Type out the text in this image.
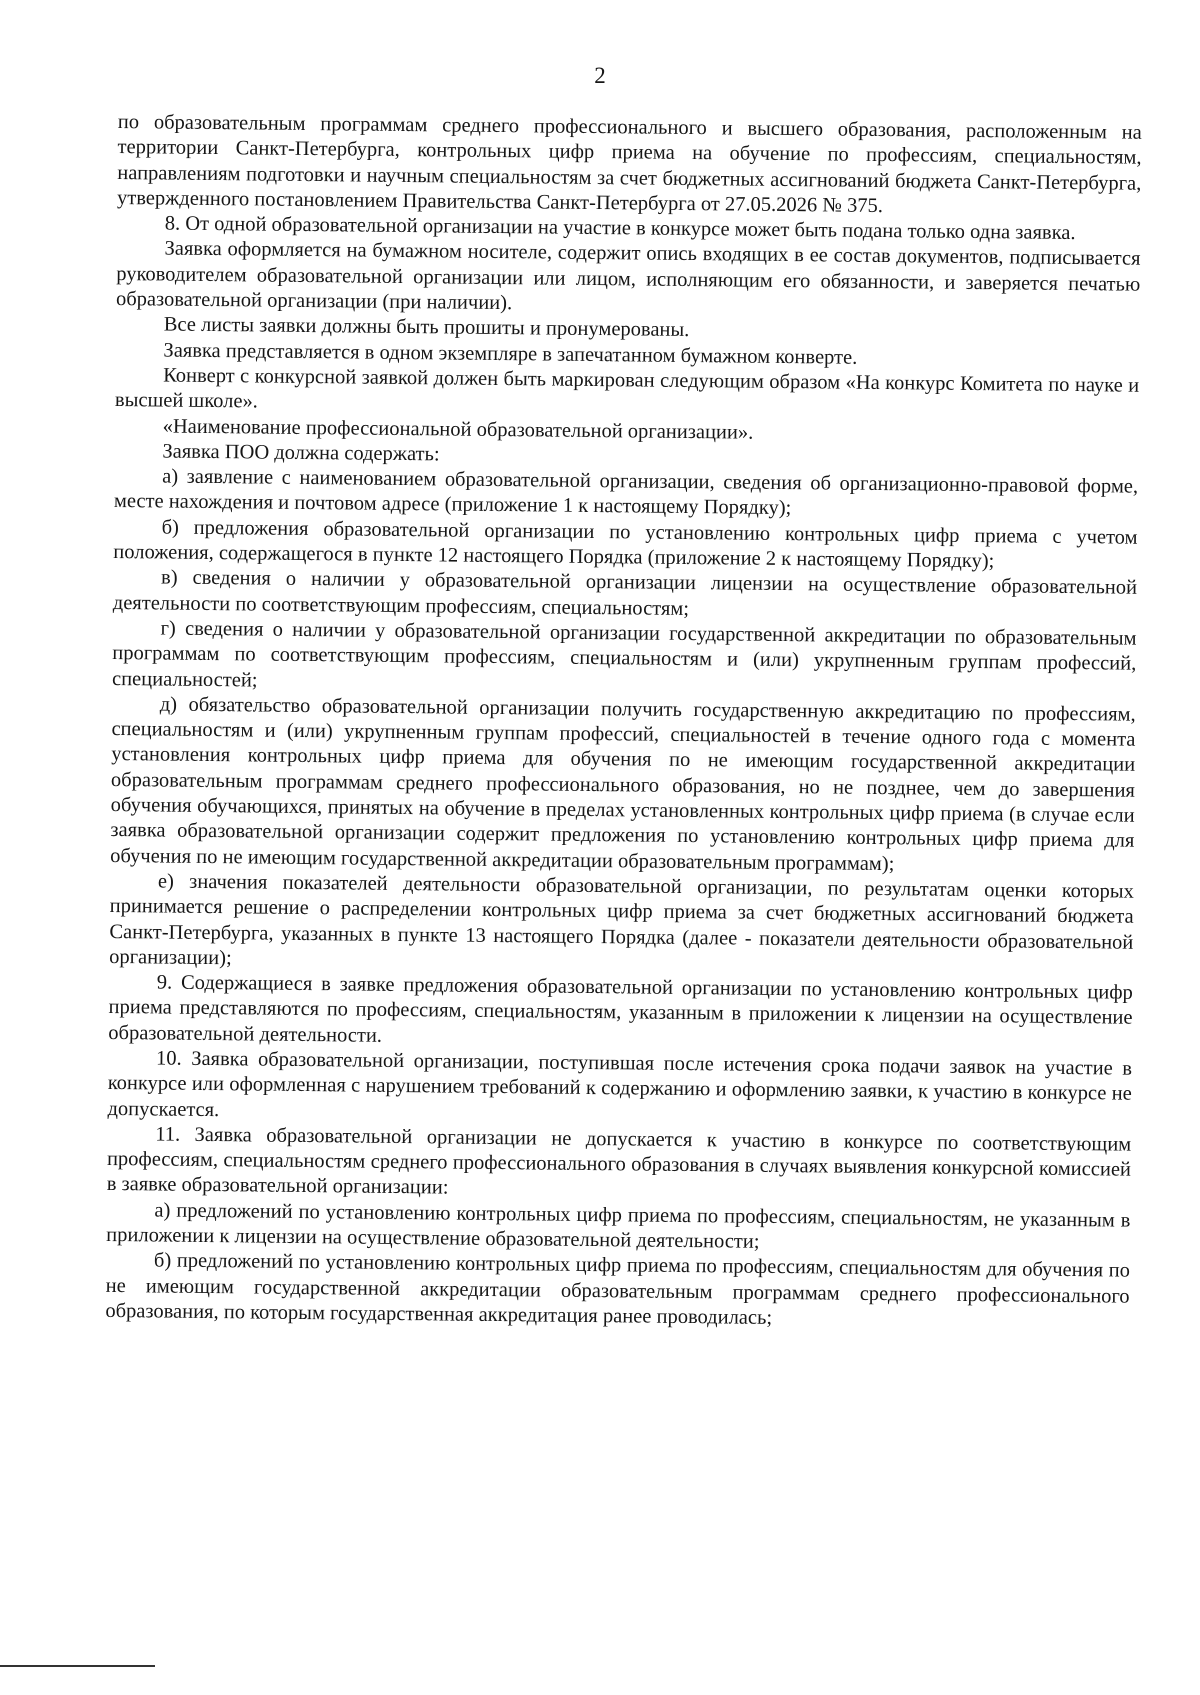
2

по образовательным программам среднего профессионального и высшего образования, расположенным на территории Санкт-Петербурга, контрольных цифр приема на обучение по профессиям, специальностям, направлениям подготовки и научным специальностям за счет бюджетных ассигнований бюджета Санкт-Петербурга, утвержденного постановлением Правительства Санкт-Петербурга от 27.05.2026 № 375.

8. От одной образовательной организации на участие в конкурсе может быть подана только одна заявка.

Заявка оформляется на бумажном носителе, содержит опись входящих в ее состав документов, подписывается руководителем образовательной организации или лицом, исполняющим его обязанности, и заверяется печатью образовательной организации (при наличии).

Все листы заявки должны быть прошиты и пронумерованы.

Заявка представляется в одном экземпляре в запечатанном бумажном конверте.

Конверт с конкурсной заявкой должен быть маркирован следующим образом «На конкурс Комитета по науке и высшей школе».

«Наименование профессиональной образовательной организации».

Заявка ПОО должна содержать:

а) заявление с наименованием образовательной организации, сведения об организационно-правовой форме, месте нахождения и почтовом адресе (приложение 1 к настоящему Порядку);

б) предложения образовательной организации по установлению контрольных цифр приема с учетом положения, содержащегося в пункте 12 настоящего Порядка (приложение 2 к настоящему Порядку);

в) сведения о наличии у образовательной организации лицензии на осуществление образовательной деятельности по соответствующим профессиям, специальностям;

г) сведения о наличии у образовательной организации государственной аккредитации по образовательным программам по соответствующим профессиям, специальностям и (или) укрупненным группам профессий, специальностей;

д) обязательство образовательной организации получить государственную аккредитацию по профессиям, специальностям и (или) укрупненным группам профессий, специальностей в течение одного года с момента установления контрольных цифр приема для обучения по не имеющим государственной аккредитации образовательным программам среднего профессионального образования, но не позднее, чем до завершения обучения обучающихся, принятых на обучение в пределах установленных контрольных цифр приема (в случае если заявка образовательной организации содержит предложения по установлению контрольных цифр приема для обучения по не имеющим государственной аккредитации образовательным программам);

е) значения показателей деятельности образовательной организации, по результатам оценки которых принимается решение о распределении контрольных цифр приема за счет бюджетных ассигнований бюджета Санкт-Петербурга, указанных в пункте 13 настоящего Порядка (далее - показатели деятельности образовательной организации);

9. Содержащиеся в заявке предложения образовательной организации по установлению контрольных цифр приема представляются по профессиям, специальностям, указанным в приложении к лицензии на осуществление образовательной деятельности.

10. Заявка образовательной организации, поступившая после истечения срока подачи заявок на участие в конкурсе или оформленная с нарушением требований к содержанию и оформлению заявки, к участию в конкурсе не допускается.

11. Заявка образовательной организации не допускается к участию в конкурсе по соответствующим профессиям, специальностям среднего профессионального образования в случаях выявления конкурсной комиссией в заявке образовательной организации:

а) предложений по установлению контрольных цифр приема по профессиям, специальностям, не указанным в приложении к лицензии на осуществление образовательной деятельности;

б) предложений по установлению контрольных цифр приема по профессиям, специальностям для обучения по не имеющим государственной аккредитации образовательным программам среднего профессионального образования, по которым государственная аккредитация ранее проводилась;
